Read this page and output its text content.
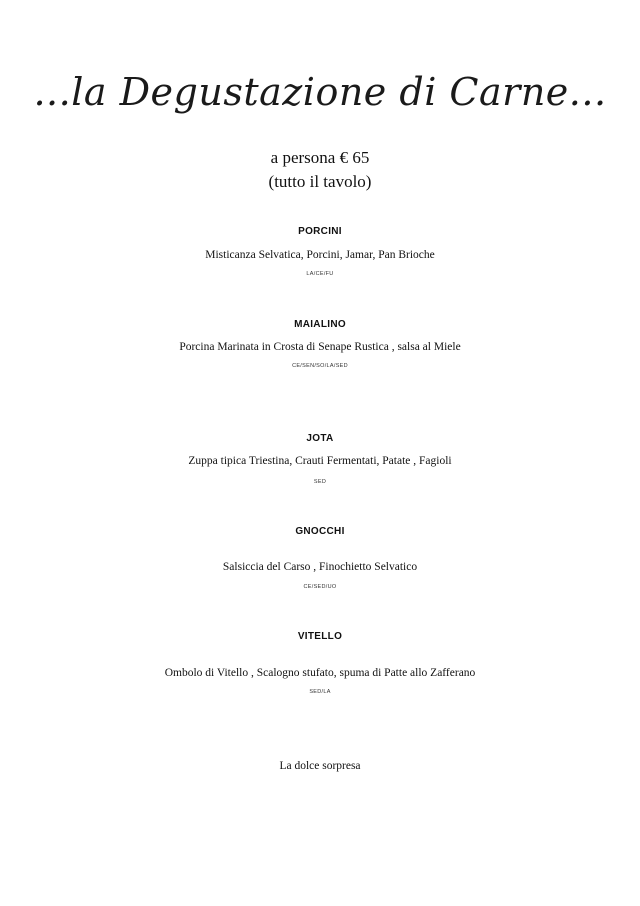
...la Degustazione di Carne...
a persona € 65
(tutto il tavolo)
PORCINI
Misticanza Selvatica, Porcini, Jamar, Pan Brioche
LA/CE/FU
MAIALINO
Porcina Marinata in Crosta di Senape Rustica , salsa al Miele
CE/SEN/SO/LA/SED
JOTA
Zuppa tipica Triestina, Crauti Fermentati, Patate , Fagioli
SED
GNOCCHI
Salsiccia del Carso , Finochietto Selvatico
CE/SED/UO
VITELLO
Ombolo di Vitello , Scalogno stufato, spuma di Patte allo Zafferano
SED/LA
La dolce sorpresa
